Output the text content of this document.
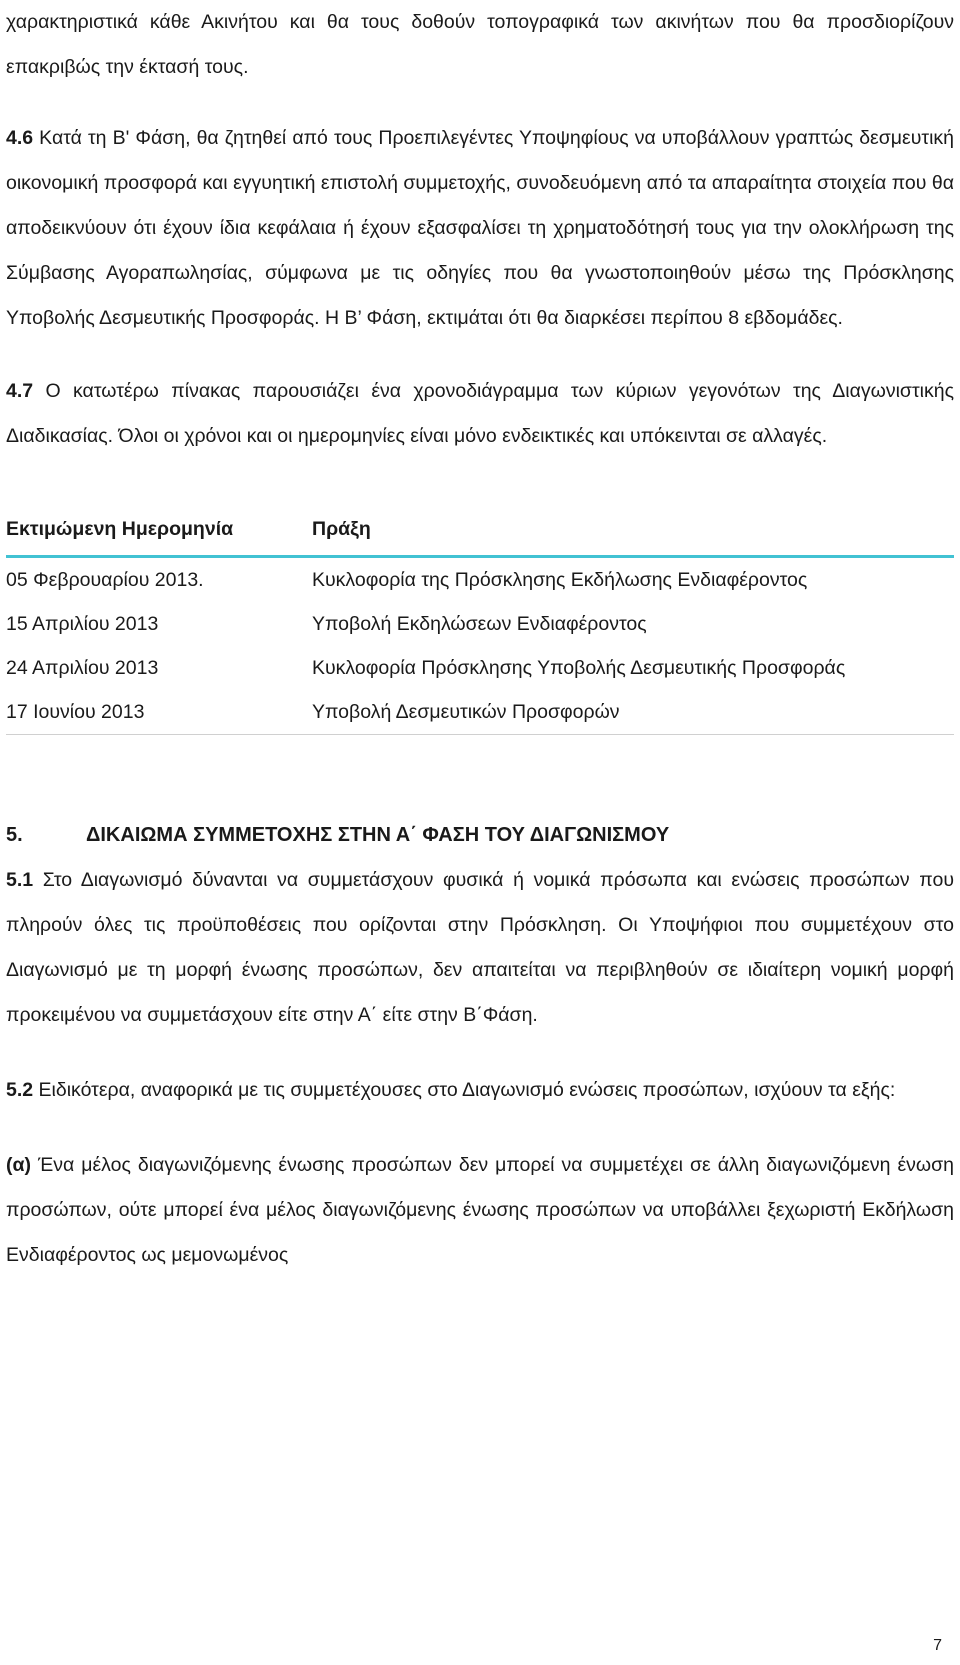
χαρακτηριστικά κάθε Ακινήτου και θα τους δοθούν τοπογραφικά των ακινήτων που θα προσδιορίζουν επακριβώς την έκτασή τους.

4.6 Κατά τη Β' Φάση, θα ζητηθεί από τους Προεπιλεγέντες Υποψηφίους να υποβάλλουν γραπτώς δεσμευτική οικονομική προσφορά και εγγυητική επιστολή συμμετοχής, συνοδευόμενη από τα απαραίτητα στοιχεία που θα αποδεικνύουν ότι έχουν ίδια κεφάλαια ή έχουν εξασφαλίσει τη χρηματοδότησή τους για την ολοκλήρωση της Σύμβασης Αγοραπωλησίας, σύμφωνα με τις οδηγίες που θα γνωστοποιηθούν μέσω της Πρόσκλησης Υποβολής Δεσμευτικής Προσφοράς. Η Β’ Φάση, εκτιμάται ότι θα διαρκέσει περίπου 8 εβδομάδες.

4.7 Ο κατωτέρω πίνακας παρουσιάζει ένα χρονοδιάγραμμα των κύριων γεγονότων της Διαγωνιστικής Διαδικασίας. Όλοι οι χρόνοι και οι ημερομηνίες είναι μόνο ενδεικτικές και υπόκεινται σε αλλαγές.

Εκτιμώμενη Ημερομηνία	Πράξη
05 Φεβρουαρίου 2013.	Κυκλοφορία της Πρόσκλησης Εκδήλωσης Ενδιαφέροντος
15 Απριλίου 2013	Υποβολή Εκδηλώσεων Ενδιαφέροντος
24 Απριλίου 2013	Κυκλοφορία Πρόσκλησης Υποβολής Δεσμευτικής Προσφοράς
17 Ιουνίου 2013	Υποβολή Δεσμευτικών Προσφορών
5.	ΔΙΚΑΙΩΜΑ ΣΥΜΜΕΤΟΧΗΣ ΣΤΗΝ Α΄ ΦΑΣΗ ΤΟΥ ΔΙΑΓΩΝΙΣΜΟΥ

5.1 Στο Διαγωνισμό δύνανται να συμμετάσχουν φυσικά ή νομικά πρόσωπα και ενώσεις προσώπων που πληρούν όλες τις προϋποθέσεις που ορίζονται στην Πρόσκληση. Οι Υποψήφιοι που συμμετέχουν στο Διαγωνισμό με τη μορφή ένωσης προσώπων, δεν απαιτείται να περιβληθούν σε ιδιαίτερη νομική μορφή προκειμένου να συμμετάσχουν είτε στην Α΄ είτε στην Β΄Φάση.

5.2 Ειδικότερα, αναφορικά με τις συμμετέχουσες στο Διαγωνισμό ενώσεις προσώπων, ισχύουν τα εξής:

(α) Ένα μέλος διαγωνιζόμενης ένωσης προσώπων δεν μπορεί να συμμετέχει σε άλλη διαγωνιζόμενη ένωση προσώπων, ούτε μπορεί ένα μέλος διαγωνιζόμενης ένωσης προσώπων να υποβάλλει ξεχωριστή Εκδήλωση Ενδιαφέροντος ως μεμονωμένος

7
